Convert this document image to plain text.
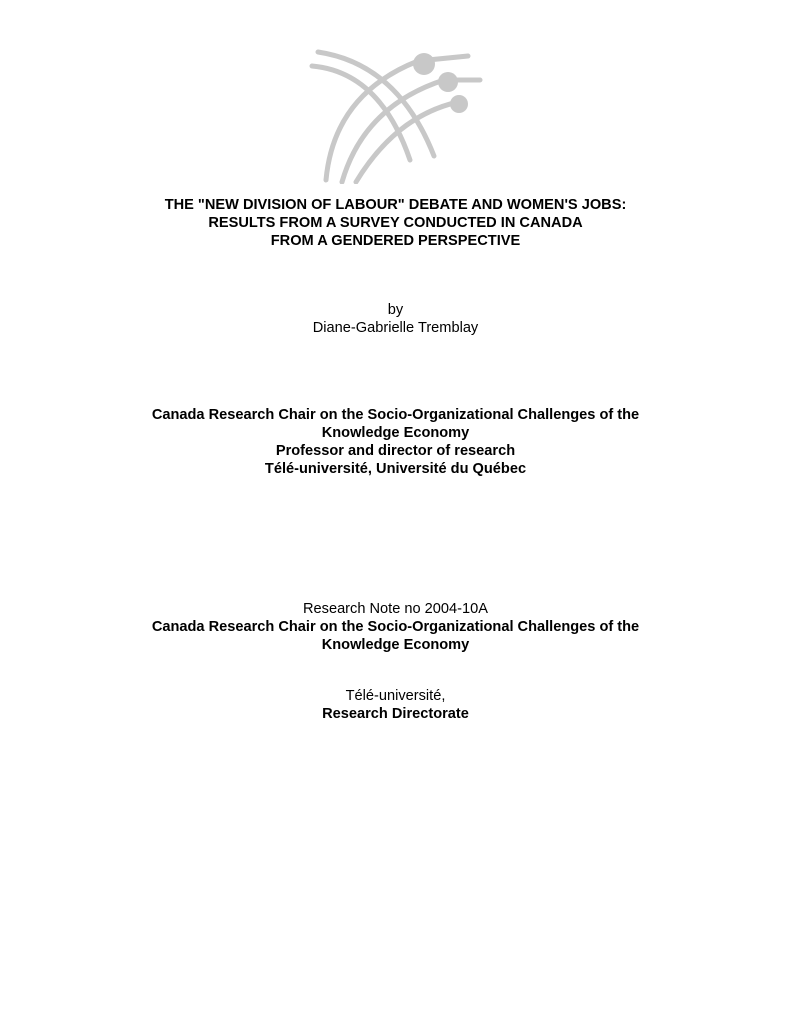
THE "NEW DIVISION OF LABOUR" DEBATE AND WOMEN'S JOBS:
RESULTS FROM A SURVEY CONDUCTED IN CANADA
FROM A GENDERED PERSPECTIVE
by
Diane-Gabrielle Tremblay
Canada Research Chair on the Socio-Organizational Challenges of the
Knowledge Economy
Professor and director of research
Télé-université, Université du Québec
Research Note no 2004-10A
Canada Research Chair on the Socio-Organizational Challenges of the
Knowledge Economy
Télé-université,
Research Directorate
